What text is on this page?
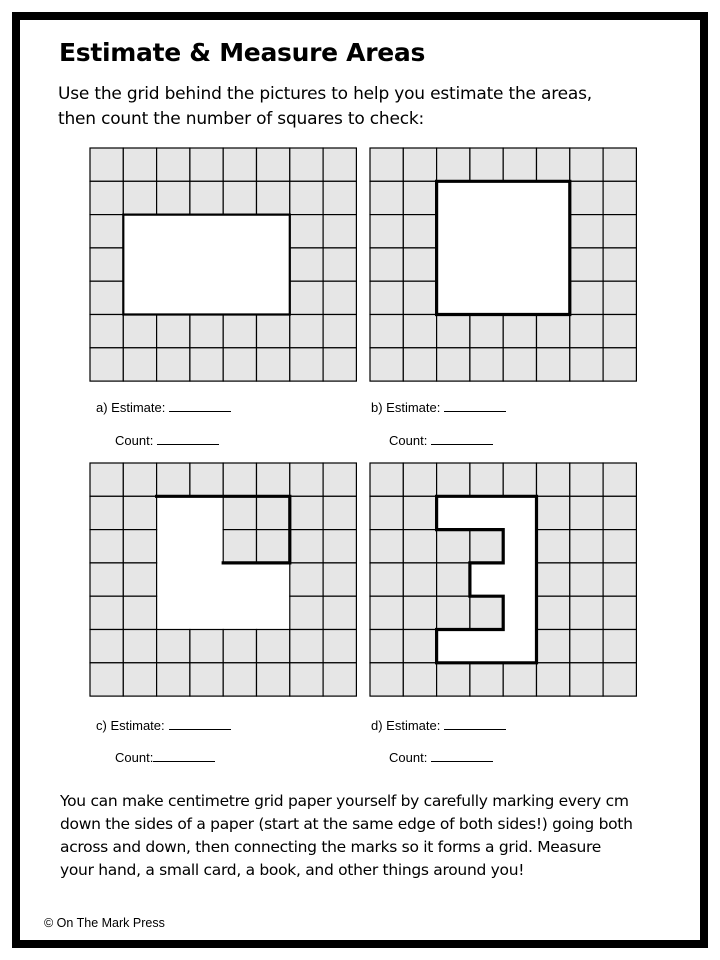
Estimate & Measure Areas
Use the grid behind the pictures to help you estimate the areas,
then count the number of squares to check:
a) Estimate:
Count:
b) Estimate:
Count:
c) Estimate:
Count:
d) Estimate:
Count:
You can make centimetre grid paper yourself by carefully marking every cm
down the sides of a paper (start at the same edge of both sides!) going both
across and down, then connecting the marks so it forms a grid. Measure
your hand, a small card, a book, and other things around you!
© On The Mark Press
